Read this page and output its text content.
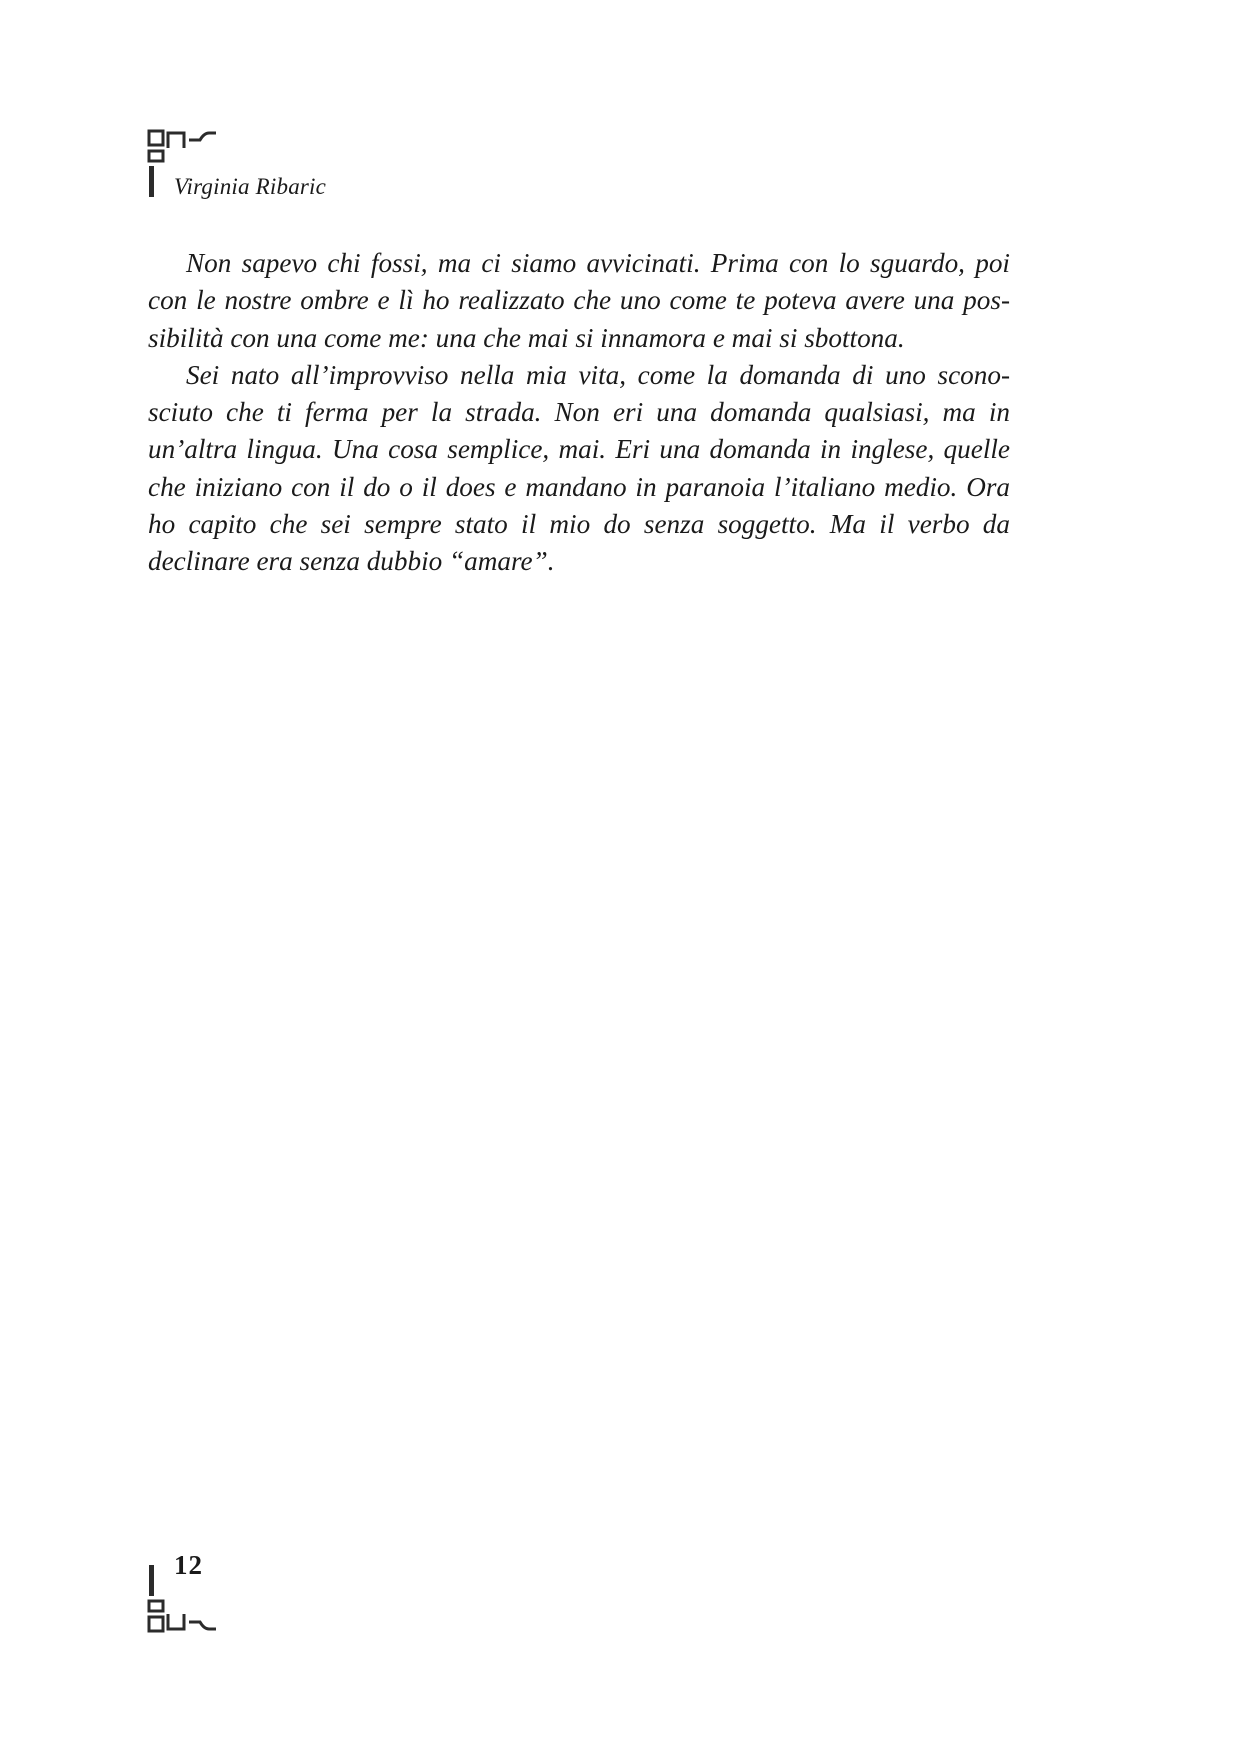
Virginia Ribaric

Non sapevo chi fossi, ma ci siamo avvicinati. Prima con lo sguardo, poi con le nostre ombre e lì ho realizzato che uno come te poteva avere una possibilità con una come me: una che mai si innamora e mai si sbottona.

Sei nato all’improvviso nella mia vita, come la domanda di uno sconosciuto che ti ferma per la strada. Non eri una domanda qualsiasi, ma in un’altra lingua. Una cosa semplice, mai. Eri una domanda in inglese, quelle che iniziano con il do o il does e mandano in paranoia l’italiano medio. Ora ho capito che sei sempre stato il mio do senza soggetto. Ma il verbo da declinare era senza dubbio “amare”.

12
